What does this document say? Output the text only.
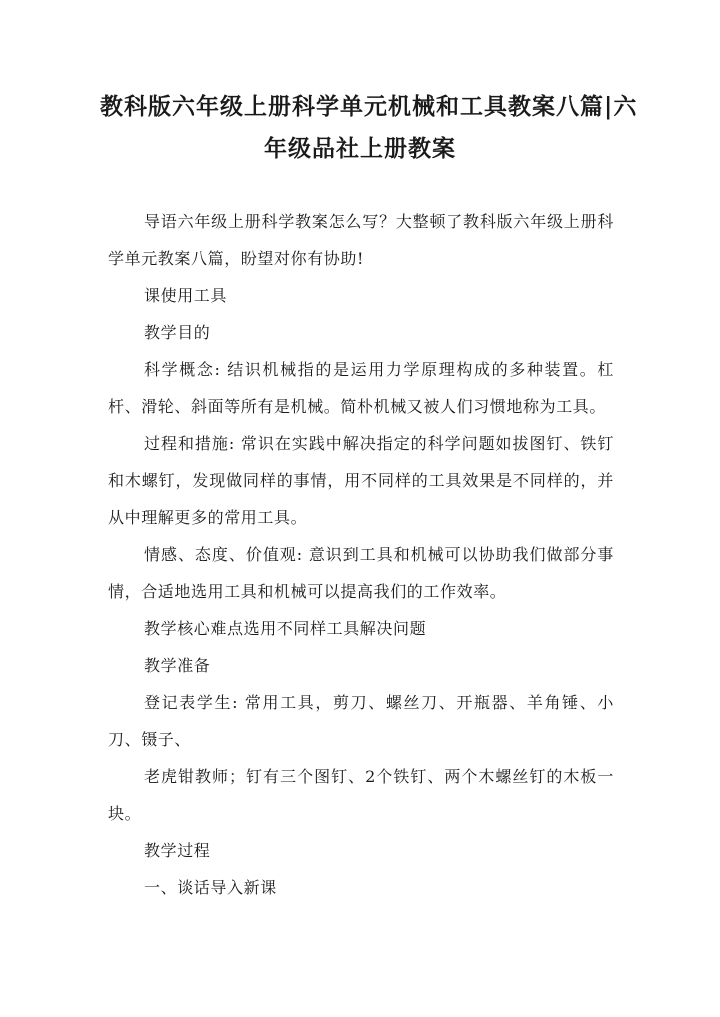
教科版六年级上册科学单元机械和工具教案八篇|六
年级品社上册教案

导语六年级上册科学教案怎么写？大整顿了教科版六年级上册科学单元教案八篇，盼望对你有协助!

课使用工具

教学目的

科学概念: 结识机械指的是运用力学原理构成的多种装置。杠杆、滑轮、斜面等所有是机械。简朴机械又被人们习惯地称为工具。

过程和措施: 常识在实践中解决指定的科学问题如拔图钉、铁钉和木螺钉，发现做同样的事情，用不同样的工具效果是不同样的，并从中理解更多的常用工具。

情感、态度、价值观: 意识到工具和机械可以协助我们做部分事情，合适地选用工具和机械可以提高我们的工作效率。

教学核心难点选用不同样工具解决问题

教学准备

登记表学生: 常用工具，剪刀、螺丝刀、开瓶器、羊角锤、小刀、镊子、

老虎钳教师；钉有三个图钉、2个铁钉、两个木螺丝钉的木板一块。

教学过程

一、谈话导入新课
